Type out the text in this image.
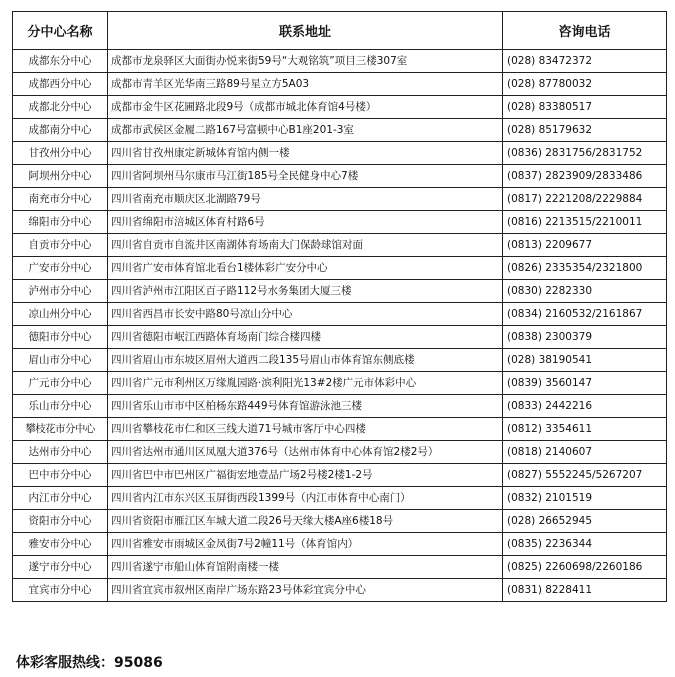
分中心名称	联系地址	咨询电话
成都东分中心	成都市龙泉驿区大面街办悦来街59号“大观铭筑”项目三楼307室	(028) 83472372
成都西分中心	成都市青羊区光华南三路89号星立方5A03	(028) 87780032
成都北分中心	成都市金牛区花圃路北段9号（成都市城北体育馆4号楼）	(028) 83380517
成都南分中心	成都市武侯区金履二路167号富顿中心B1座201-3室	(028) 85179632
甘孜州分中心	四川省甘孜州康定新城体育馆内侧一楼	(0836) 2831756/2831752
阿坝州分中心	四川省阿坝州马尔康市马江街185号全民健身中心7楼	(0837) 2823909/2833486
南充市分中心	四川省南充市顺庆区北湖路79号	(0817) 2221208/2229884
绵阳市分中心	四川省绵阳市涪城区体育村路6号	(0816) 2213515/2210011
自贡市分中心	四川省自贡市自流井区南湖体育场南大门保龄球馆对面	(0813) 2209677
广安市分中心	四川省广安市体育馆北看台1楼体彩广安分中心	(0826) 2335354/2321800
泸州市分中心	四川省泸州市江阳区百子路112号水务集团大厦三楼	(0830) 2282330
凉山州分中心	四川省西昌市长安中路80号凉山分中心	(0834) 2160532/2161867
德阳市分中心	四川省德阳市岷江西路体育场南门综合楼四楼	(0838) 2300379
眉山市分中心	四川省眉山市东坡区眉州大道西二段135号眉山市体育馆东侧底楼	(028) 38190541
广元市分中心	四川省广元市利州区万缘胤园路·滨利阳光13#2楼广元市体彩中心	(0839) 3560147
乐山市分中心	四川省乐山市市中区柏杨东路449号体育馆游泳池三楼	(0833) 2442216
攀枝花市分中心	四川省攀枝花市仁和区三线大道71号城市客厅中心四楼	(0812) 3354611
达州市分中心	四川省达州市通川区凤凰大道376号（达州市体育中心体育馆2楼2号）	(0818) 2140607
巴中市分中心	四川省巴中市巴州区广福街宏地壹品广场2号楼2楼1-2号	(0827) 5552245/5267207
内江市分中心	四川省内江市东兴区玉屏街西段1399号（内江市体育中心南门）	(0832) 2101519
资阳市分中心	四川省资阳市雁江区车城大道二段26号天缘大楼A座6楼18号	(028) 26652945
雅安市分中心	四川省雅安市雨城区金凤街7号2幢11号（体育馆内）	(0835) 2236344
遂宁市分中心	四川省遂宁市船山体育馆附南楼一楼	(0825) 2260698/2260186
宜宾市分中心	四川省宜宾市叙州区南岸广场东路23号体彩宜宾分中心	(0831) 8228411
体彩客服热线：95086
